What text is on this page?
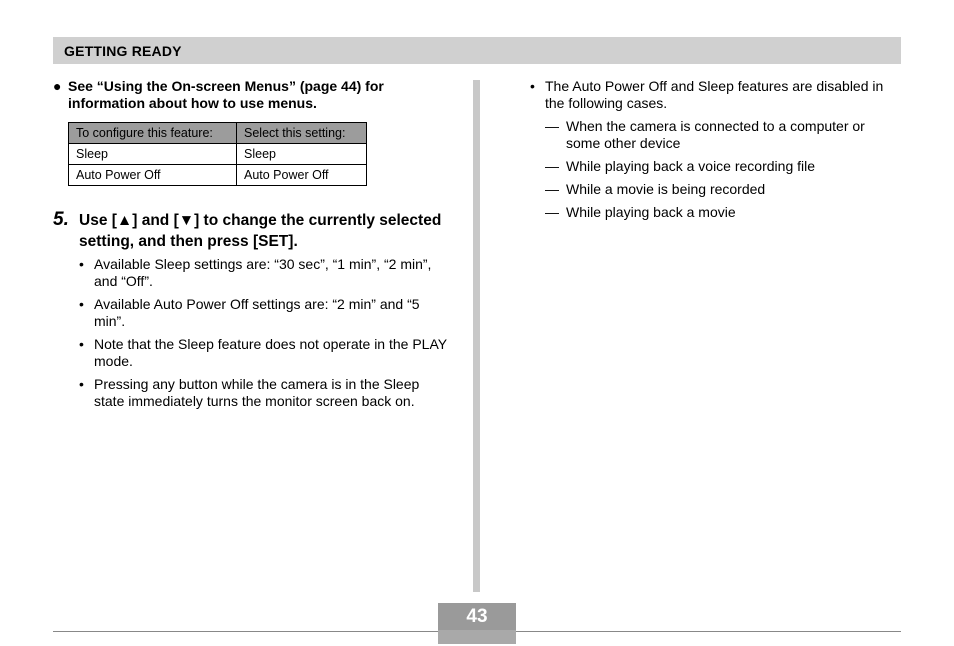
GETTING READY
● See “Using the On-screen Menus” (page 44) for information about how to use menus.
To configure this feature:	Select this setting:
Sleep	Sleep
Auto Power Off	Auto Power Off
5. Use [▲] and [▼] to change the currently selected setting, and then press [SET].
• Available Sleep settings are: “30 sec”, “1 min”, “2 min”, and “Off”.
• Available Auto Power Off settings are: “2 min” and “5 min”.
• Note that the Sleep feature does not operate in the PLAY mode.
• Pressing any button while the camera is in the Sleep state immediately turns the monitor screen back on.
• The Auto Power Off and Sleep features are disabled in the following cases.
— When the camera is connected to a computer or some other device
— While playing back a voice recording file
— While a movie is being recorded
— While playing back a movie
43
